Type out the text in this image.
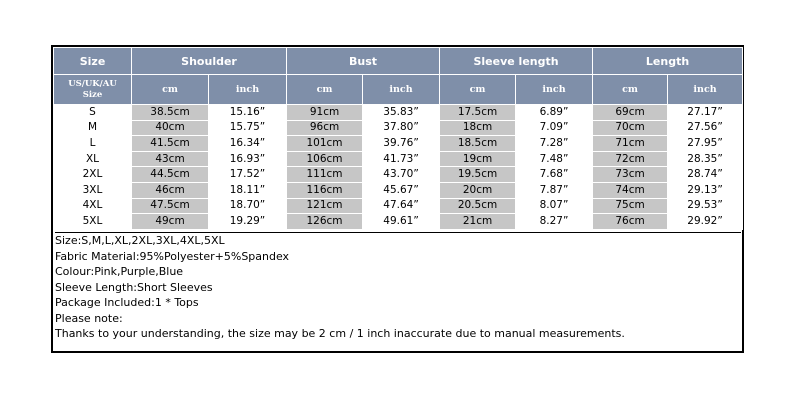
Size	Shoulder		Bust		Sleeve length		Length	
US/UK/AU
Size	cm	inch	cm	inch	cm	inch	cm	inch
S	38.5cm	15.16”	91cm	35.83”	17.5cm	6.89”	69cm	27.17”
M	40cm	15.75”	96cm	37.80”	18cm	7.09”	70cm	27.56”
L	41.5cm	16.34”	101cm	39.76”	18.5cm	7.28”	71cm	27.95”
XL	43cm	16.93”	106cm	41.73”	19cm	7.48”	72cm	28.35”
2XL	44.5cm	17.52”	111cm	43.70”	19.5cm	7.68”	73cm	28.74”
3XL	46cm	18.11”	116cm	45.67”	20cm	7.87”	74cm	29.13”
4XL	47.5cm	18.70”	121cm	47.64”	20.5cm	8.07”	75cm	29.53”
5XL	49cm	19.29”	126cm	49.61”	21cm	8.27”	76cm	29.92”
Size:S,M,L,XL,2XL,3XL,4XL,5XL
Fabric Material:95%Polyester+5%Spandex
Colour:Pink,Purple,Blue
Sleeve Length:Short Sleeves
Package Included:1 * Tops
Please note:
Thanks to your understanding, the size may be 2 cm / 1 inch inaccurate due to manual measurements.
